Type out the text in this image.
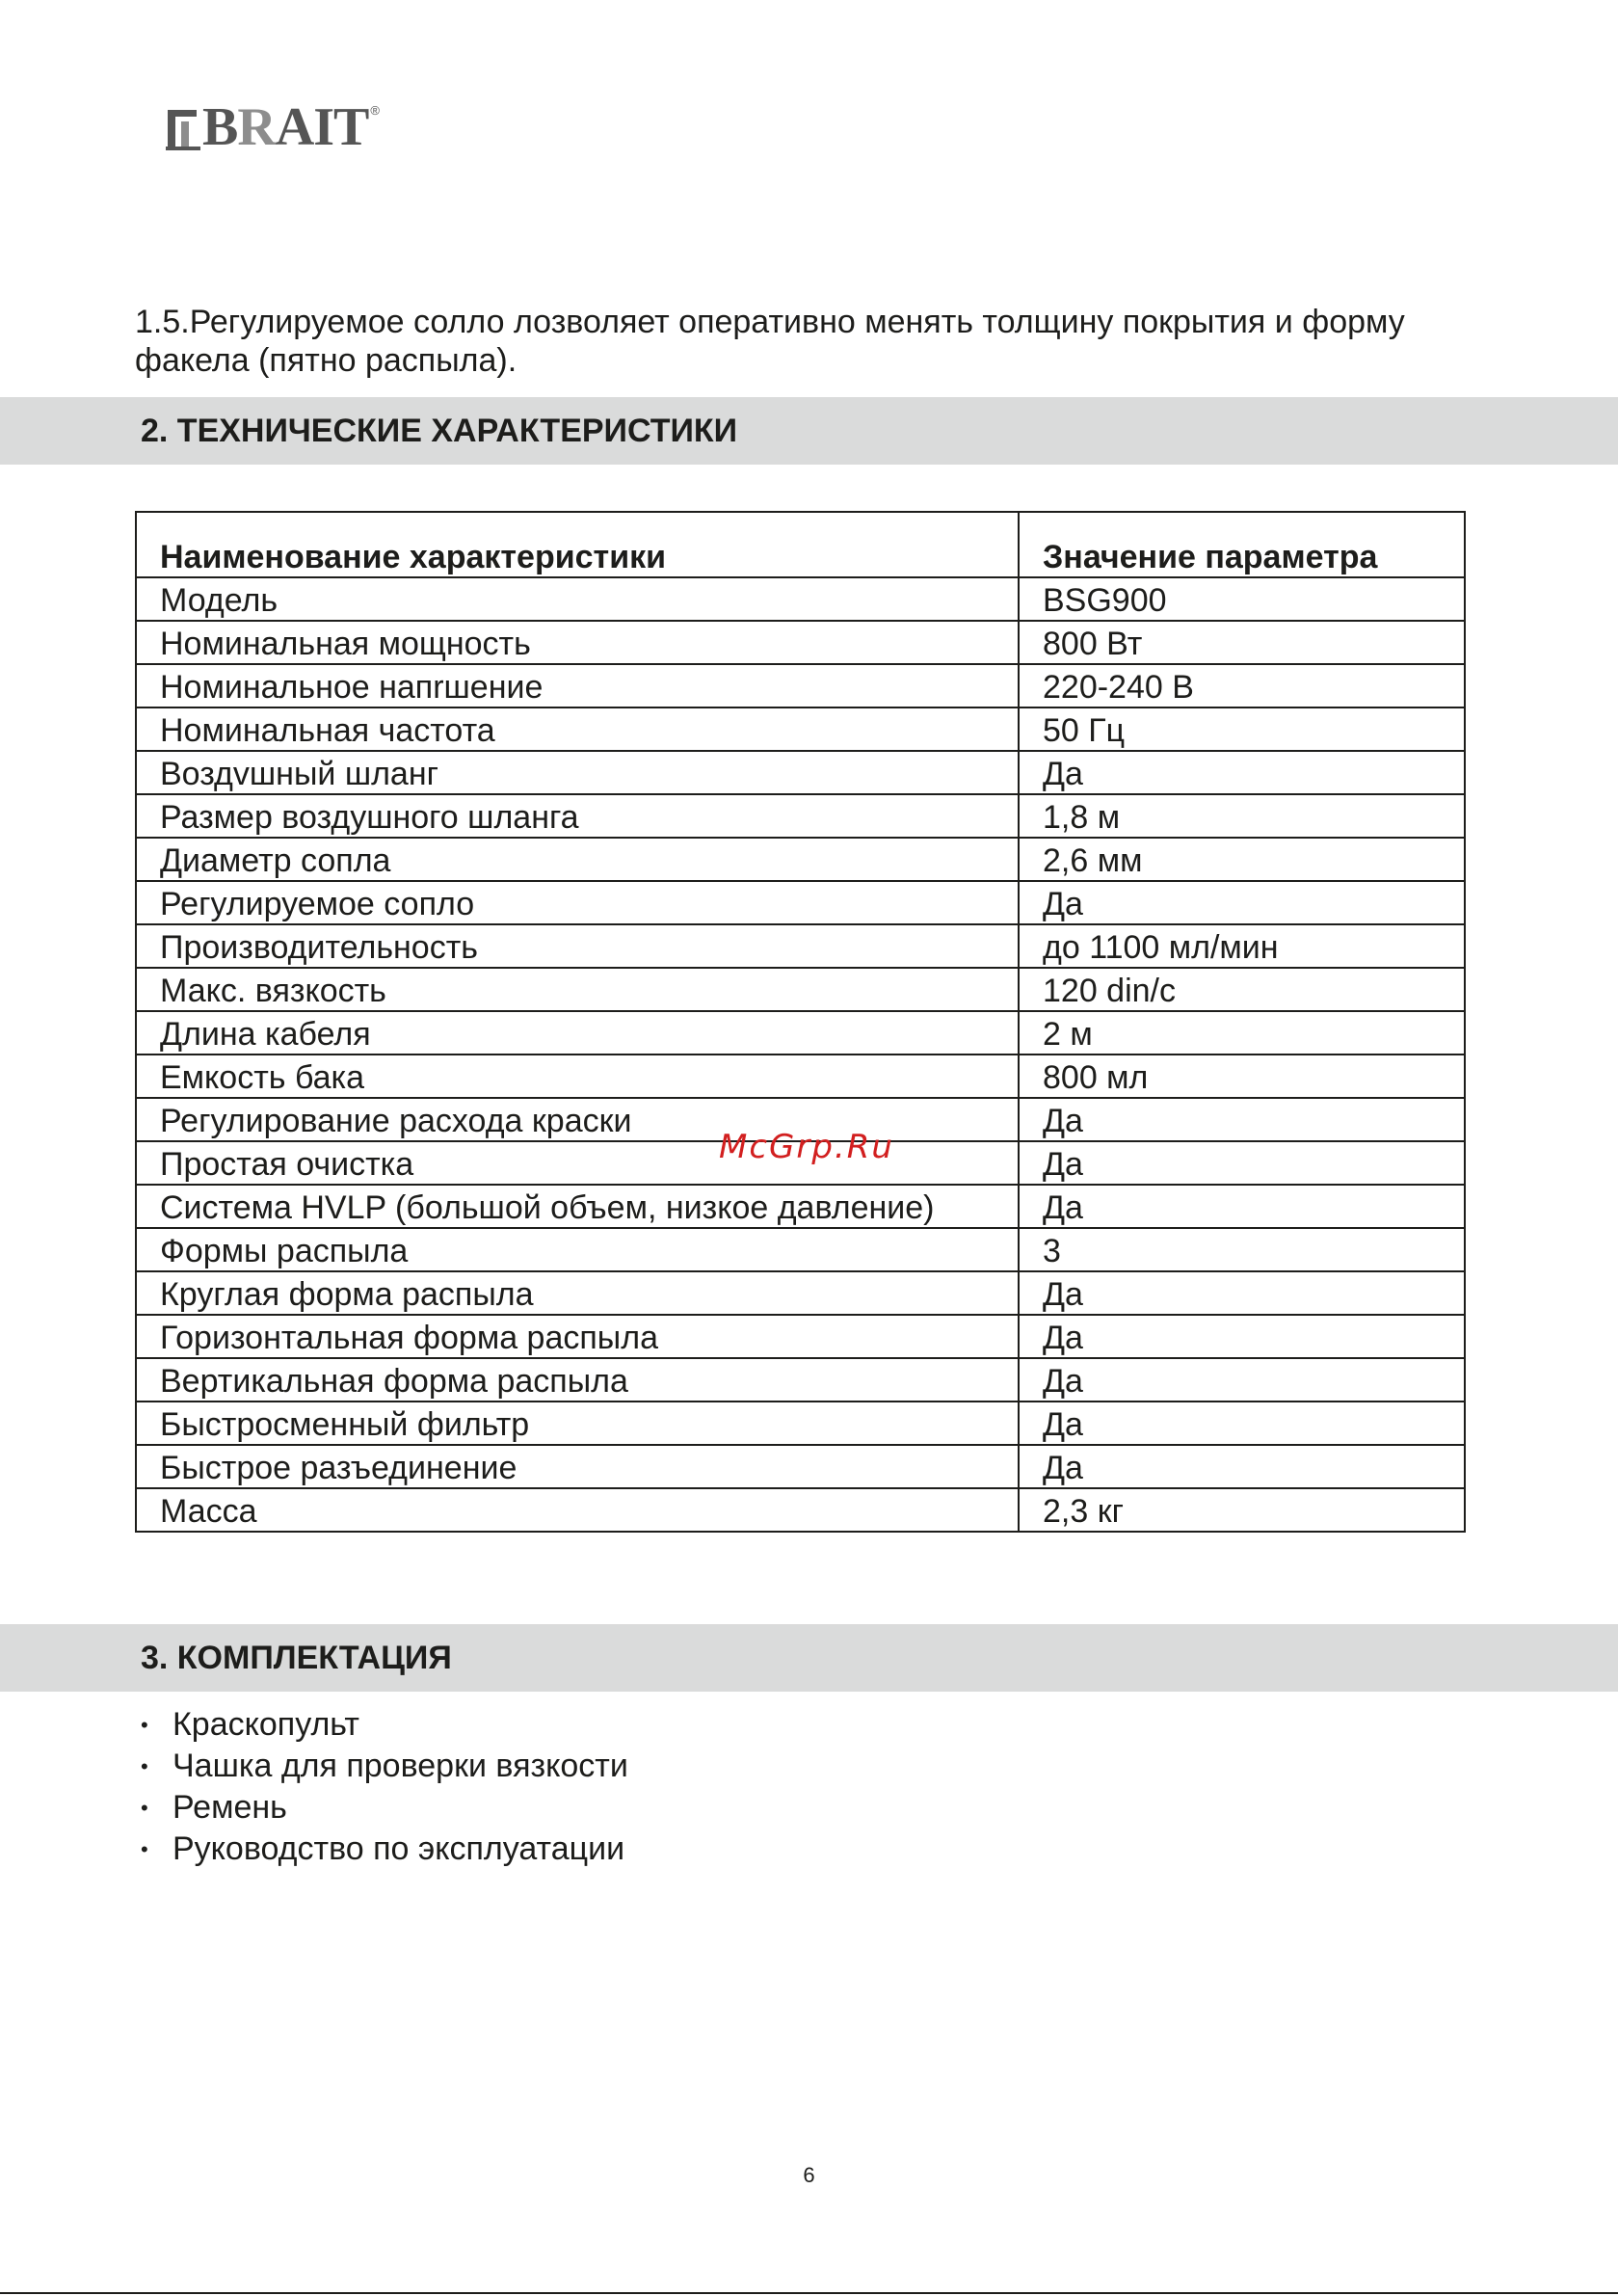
BRAIT ®

1.5.Регулируемое солло лозволяет оперативно менять толщину покрытия и форму факела (пятно распыла).

2. ТЕХНИЧЕСКИЕ ХАРАКТЕРИСТИКИ
Наименование характеристики	Значение параметра
Модель	BSG900
Номинальная мощность	800 Вт
Номинальное напrшение	220-240 В
Номинальная частота	50 Гц
Воздvшный шланг	Да
Размер воздушного шланга	1,8 м
Диаметр сопла	2,6 мм
Регулируемое сопло	Да
Производительность	до 1100 мл/мин
Макс. вязкость	120 din/c
Длина кабеля	2 м
Емкость бака	800 мл
Регулирование расхода краски	Да
Простая очистка	Да
Система HVLP (большой объем, низкое давление)	Да
Формы распыла	3
Круглая форма распыла	Да
Горизонтальная форма распыла	Да
Вертикальная форма распыла	Да
Быстросменный фильтр	Да
Быстрое разъединение	Да
Масса	2,3 кг
McGrp.Ru
3. КОМПЛЕКТАЦИЯ
• Краскопульт
• Чашка для проверки вязкости
• Ремень
• Руководство по эксплуатации
6
